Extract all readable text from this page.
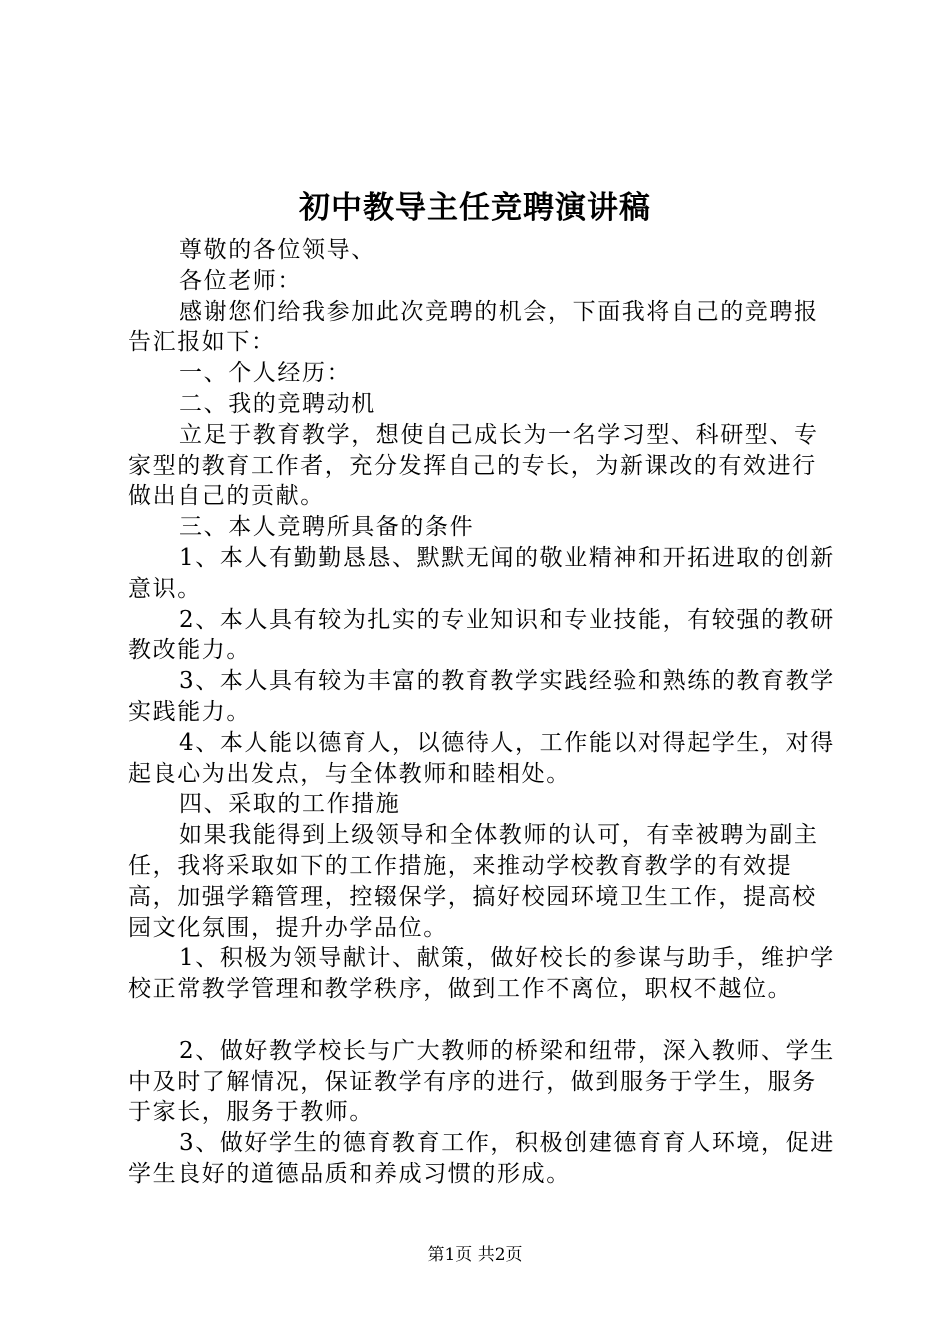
初中教导主任竞聘演讲稿

尊敬的各位领导、

各位老师：

感谢您们给我参加此次竞聘的机会，下面我将自己的竞聘报告汇报如下：

一、个人经历：

二、我的竞聘动机

立足于教育教学，想使自己成长为一名学习型、科研型、专家型的教育工作者，充分发挥自己的专长，为新课改的有效进行做出自己的贡献。

三、本人竞聘所具备的条件

1、本人有勤勤恳恳、默默无闻的敬业精神和开拓进取的创新意识。

2、本人具有较为扎实的专业知识和专业技能，有较强的教研教改能力。

3、本人具有较为丰富的教育教学实践经验和熟练的教育教学实践能力。

4、本人能以德育人，以德待人，工作能以对得起学生，对得起良心为出发点，与全体教师和睦相处。

四、采取的工作措施

如果我能得到上级领导和全体教师的认可，有幸被聘为副主任，我将采取如下的工作措施，来推动学校教育教学的有效提高，加强学籍管理，控辍保学，搞好校园环境卫生工作，提高校园文化氛围，提升办学品位。

1、积极为领导献计、献策，做好校长的参谋与助手，维护学校正常教学管理和教学秩序，做到工作不离位，职权不越位。

2、做好教学校长与广大教师的桥梁和纽带，深入教师、学生中及时了解情况，保证教学有序的进行，做到服务于学生，服务于家长，服务于教师。

3、做好学生的德育教育工作，积极创建德育育人环境，促进学生良好的道德品质和养成习惯的形成。

第1页 共2页
